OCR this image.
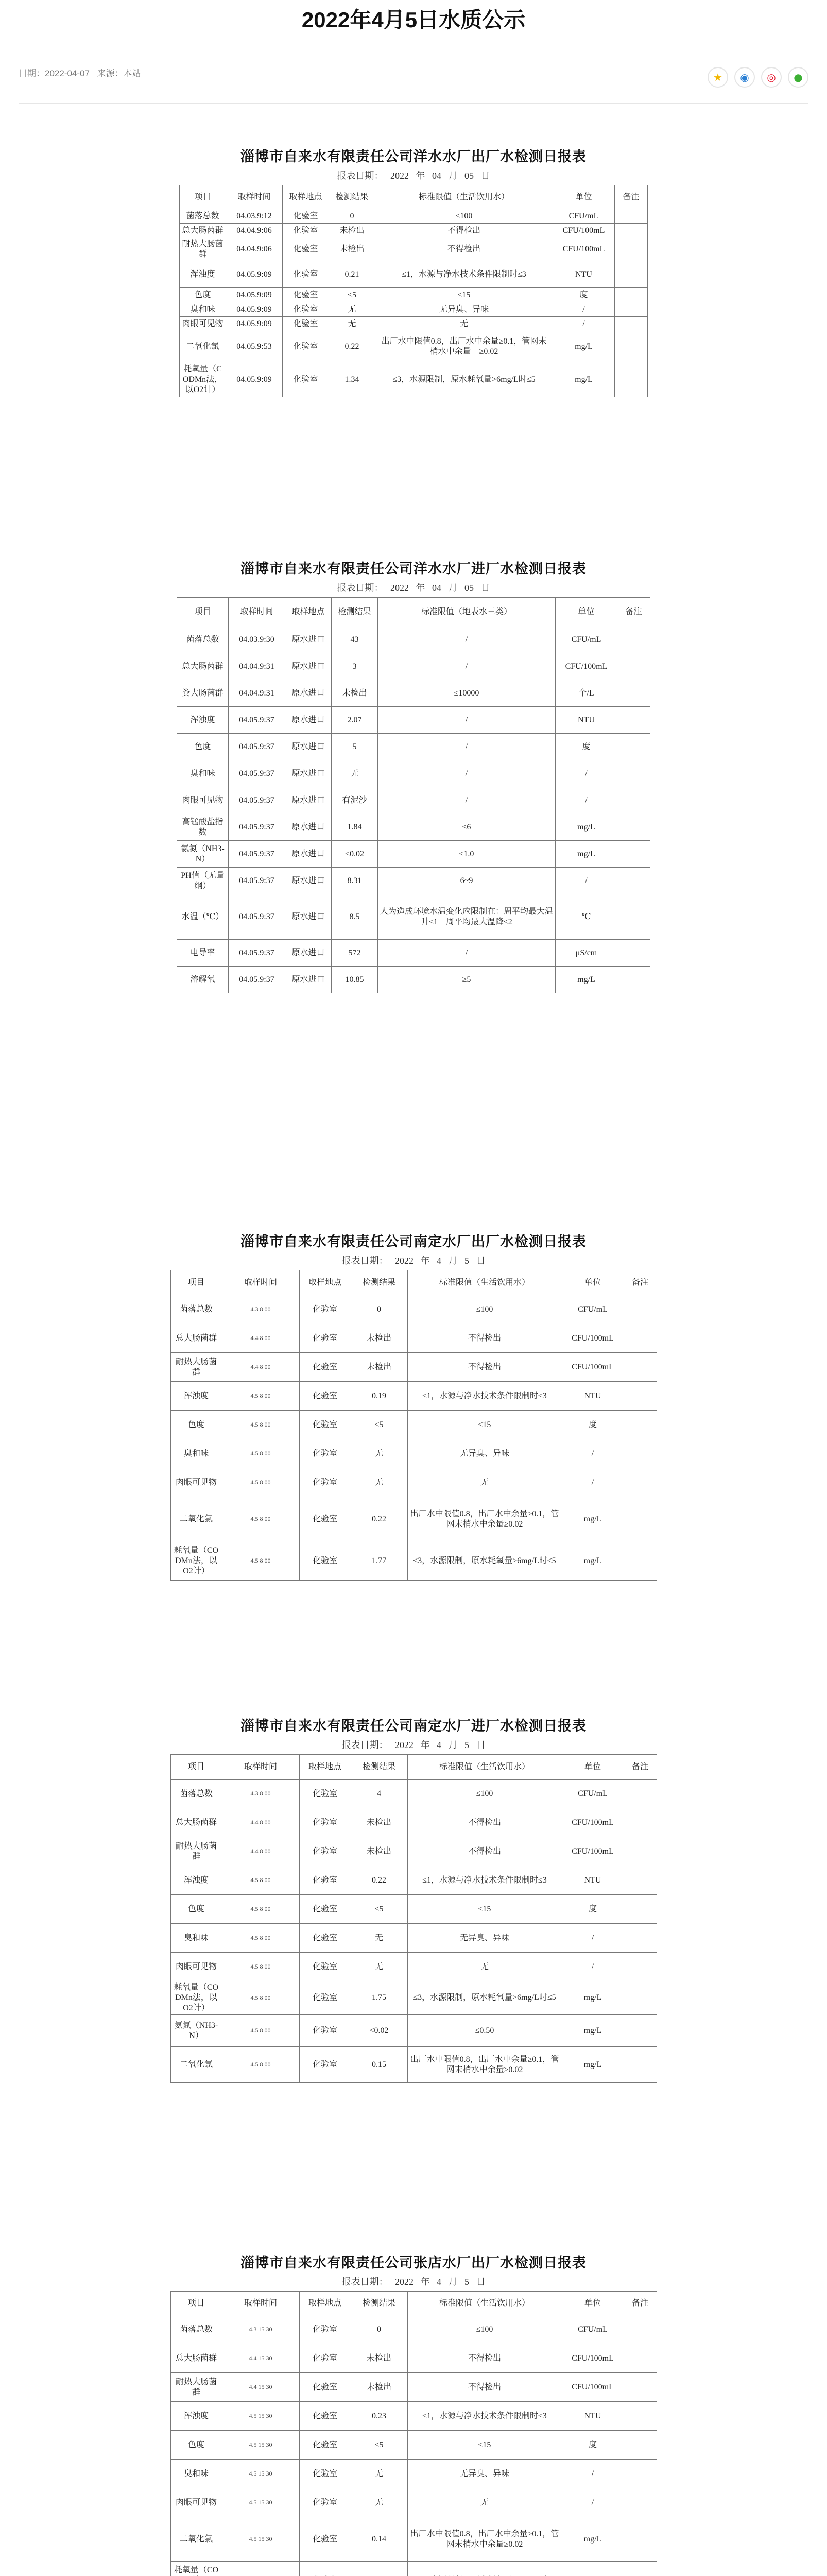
2022年4月5日水质公示
日期：2022-04-07 来源：本站	★	◉	◎	●
淄博市自来水有限责任公司洋水水厂出厂水检测日报表
报表日期：   2022   年   04   月   05   日
项目	取样时间	取样地点	检测结果	标准限值（生活饮用水）	单位	备注
菌落总数	04.03.9:12	化验室	0	≤100	CFU/mL	
总大肠菌群	04.04.9:06	化验室	未检出	不得检出	CFU/100mL	
耐热大肠菌群	04.04.9:06	化验室	未检出	不得检出	CFU/100mL	
浑浊度	04.05.9:09	化验室	0.21	≤1，水源与净水技术条件限制时≤3	NTU	
色度	04.05.9:09	化验室	<5	≤15	度	
臭和味	04.05.9:09	化验室	无	无异臭、异味	/	
肉眼可见物	04.05.9:09	化验室	无	无	/	
二氧化氯	04.05.9:53	化验室	0.22	出厂水中限值0.8，出厂水中余量≥0.1，管网末梢水中余量　≥0.02	mg/L	
耗氧量（CODMn法，以O2计）	04.05.9:09	化验室	1.34	≤3，水源限制，原水耗氧量>6mg/L时≤5	mg/L	
淄博市自来水有限责任公司洋水水厂进厂水检测日报表
报表日期：   2022   年   04   月   05   日
项目	取样时间	取样地点	检测结果	标准限值（地表水三类）	单位	备注
菌落总数	04.03.9:30	原水进口	43	/	CFU/mL	
总大肠菌群	04.04.9:31	原水进口	3	/	CFU/100mL	
粪大肠菌群	04.04.9:31	原水进口	未检出	≤10000	个/L	
浑浊度	04.05.9:37	原水进口	2.07	/	NTU	
色度	04.05.9:37	原水进口	5	/	度	
臭和味	04.05.9:37	原水进口	无	/	/	
肉眼可见物	04.05.9:37	原水进口	有泥沙	/	/	
高锰酸盐指数	04.05.9:37	原水进口	1.84	≤6	mg/L	
氨氮（NH3-N）	04.05.9:37	原水进口	<0.02	≤1.0	mg/L	
PH值（无量纲）	04.05.9:37	原水进口	8.31	6~9	/	
水温（℃）	04.05.9:37	原水进口	8.5	人为造成环境水温变化应限制在：周平均最大温升≤1　周平均最大温降≤2	℃	
电导率	04.05.9:37	原水进口	572	/	μS/cm	
溶解氧	04.05.9:37	原水进口	10.85	≥5	mg/L	
淄博市自来水有限责任公司南定水厂出厂水检测日报表
报表日期：   2022   年   4   月   5   日
项目	取样时间	取样地点	检测结果	标准限值（生活饮用水）	单位	备注
菌落总数	4.3 8 00	化验室	0	≤100	CFU/mL	
总大肠菌群	4.4 8 00	化验室	未检出	不得检出	CFU/100mL	
耐热大肠菌群	4.4 8 00	化验室	未检出	不得检出	CFU/100mL	
浑浊度	4.5 8 00	化验室	0.19	≤1，水源与净水技术条件限制时≤3	NTU	
色度	4.5 8 00	化验室	<5	≤15	度	
臭和味	4.5 8 00	化验室	无	无异臭、异味	/	
肉眼可见物	4.5 8 00	化验室	无	无	/	
二氧化氯	4.5 8 00	化验室	0.22	出厂水中限值0.8，出厂水中余量≥0.1，管网末梢水中余量≥0.02	mg/L	
耗氧量（CODMn法，以O2计）	4.5 8 00	化验室	1.77	≤3，水源限制，原水耗氧量>6mg/L时≤5	mg/L	
淄博市自来水有限责任公司南定水厂进厂水检测日报表
报表日期：   2022   年   4   月   5   日
项目	取样时间	取样地点	检测结果	标准限值（生活饮用水）	单位	备注
菌落总数	4.3 8 00	化验室	4	≤100	CFU/mL	
总大肠菌群	4.4 8 00	化验室	未检出	不得检出	CFU/100mL	
耐热大肠菌群	4.4 8 00	化验室	未检出	不得检出	CFU/100mL	
浑浊度	4.5 8 00	化验室	0.22	≤1，水源与净水技术条件限制时≤3	NTU	
色度	4.5 8 00	化验室	<5	≤15	度	
臭和味	4.5 8 00	化验室	无	无异臭、异味	/	
肉眼可见物	4.5 8 00	化验室	无	无	/	
耗氧量（CODMn法，以O2计）	4.5 8 00	化验室	1.75	≤3，水源限制，原水耗氧量>6mg/L时≤5	mg/L	
氨氮（NH3-N）	4.5 8 00	化验室	<0.02	≤0.50	mg/L	
二氧化氯	4.5 8 00	化验室	0.15	出厂水中限值0.8，出厂水中余量≥0.1，管网末梢水中余量≥0.02	mg/L	
淄博市自来水有限责任公司张店水厂出厂水检测日报表
报表日期：   2022   年   4   月   5   日
项目	取样时间	取样地点	检测结果	标准限值（生活饮用水）	单位	备注
菌落总数	4.3 15 30	化验室	0	≤100	CFU/mL	
总大肠菌群	4.4 15 30	化验室	未检出	不得检出	CFU/100mL	
耐热大肠菌群	4.4 15 30	化验室	未检出	不得检出	CFU/100mL	
浑浊度	4.5 15 30	化验室	0.23	≤1，水源与净水技术条件限制时≤3	NTU	
色度	4.5 15 30	化验室	<5	≤15	度	
臭和味	4.5 15 30	化验室	无	无异臭、异味	/	
肉眼可见物	4.5 15 30	化验室	无	无	/	
二氧化氯	4.5 15 30	化验室	0.14	出厂水中限值0.8，出厂水中余量≥0.1，管网末梢水中余量≥0.02	mg/L	
耗氧量（CO						
